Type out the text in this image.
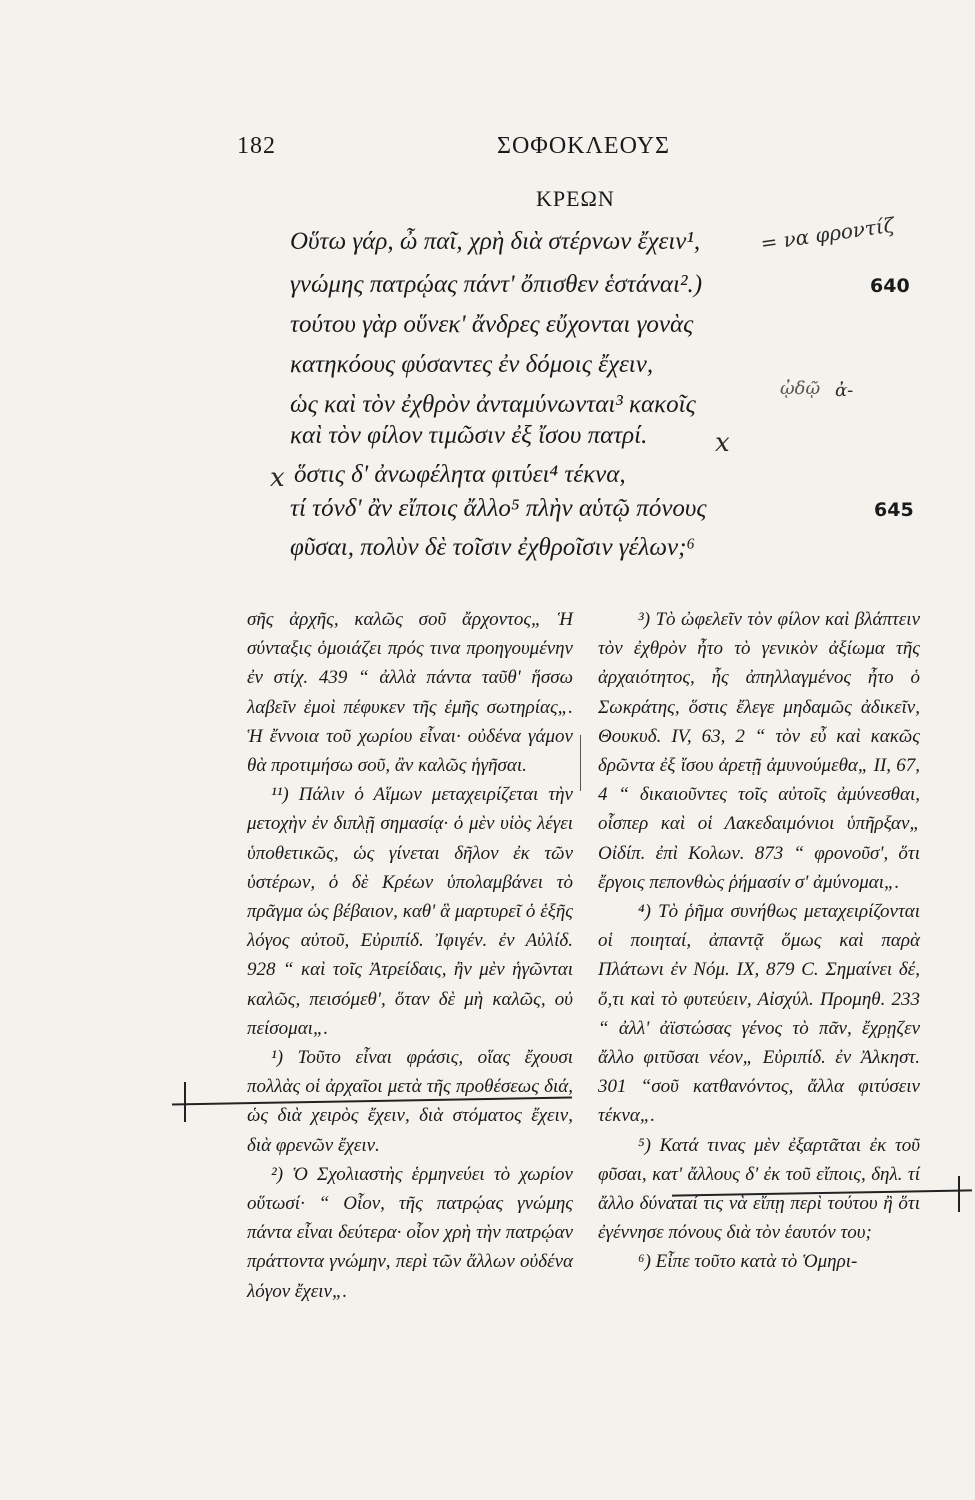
182	ΣΟΦΟΚΛΕΟΥΣ
ΚΡΕΩΝ
= να φροντίζ
ᾠδῷ ἀ-
x
x
Οὕτω γάρ, ὦ παῖ, χρὴ διὰ στέρνων ἔχειν¹,
γνώμης πατρῴας πάντ' ὄπισθεν ἑστάναι².)
τούτου γὰρ οὕνεκ' ἄνδρες εὔχονται γονὰς
κατηκόους φύσαντες ἐν δόμοις ἔχειν,
ὡς καὶ τὸν ἐχθρὸν ἀνταμύνωνται³ κακοῖς
καὶ τὸν φίλον τιμῶσιν ἐξ ἴσου πατρί.
ὅστις δ' ἀνωφέλητα φιτύει⁴ τέκνα,
τί τόνδ' ἂν εἴποις ἄλλο⁵ πλὴν αὑτῷ πόνους
φῦσαι, πολὺν δὲ τοῖσιν ἐχθροῖσιν γέλων;⁶
640
645

σῆς ἀρχῆς, καλῶς σοῦ ἄρχοντος„ Ἡ σύνταξις ὁμοιάζει πρός τινα προηγουμένην ἐν στίχ. 439 “ ἀλλὰ πάντα ταῦθ' ἥσσω λαβεῖν ἐμοὶ πέφυκεν τῆς ἐμῆς σωτηρίας„. Ἡ ἔννοια τοῦ χωρίου εἶναι· οὐδένα γάμον θὰ προτιμήσω σοῦ, ἂν καλῶς ἡγῆσαι.

¹¹) Πάλιν ὁ Αἵμων μεταχειρίζεται τὴν μετοχὴν ἐν διπλῇ σημασίᾳ· ὁ μὲν υἱὸς λέγει ὑποθετικῶς, ὡς γίνεται δῆλον ἐκ τῶν ὑστέρων, ὁ δὲ Κρέων ὑπολαμβάνει τὸ πρᾶγμα ὡς βέβαιον, καθ' ἃ μαρτυρεῖ ὁ ἑξῆς λόγος αὐτοῦ, Εὐριπίδ. Ἰφιγέν. ἐν Αὐλίδ. 928 “ καὶ τοῖς Ἀτρείδαις, ἢν μὲν ἡγῶνται καλῶς, πεισόμεθ', ὅταν δὲ μὴ καλῶς, οὐ πείσομαι„.

¹) Τοῦτο εἶναι φράσις, οἵας ἔχουσι πολλὰς οἱ ἀρχαῖοι μετὰ τῆς προθέσεως διά, ὡς διὰ χειρὸς ἔχειν, διὰ στόματος ἔχειν, διὰ φρενῶν ἔχειν.

²) Ὁ Σχολιαστὴς ἑρμηνεύει τὸ χωρίον οὕτωσί· “ Οἷον, τῆς πατρῴας γνώμης πάντα εἶναι δεύτερα· οἷον χρὴ τὴν πατρῴαν πράττοντα γνώμην, περὶ τῶν ἄλλων οὐδένα λόγον ἔχειν„.

³) Τὸ ὠφελεῖν τὸν φίλον καὶ βλάπτειν τὸν ἐχθρὸν ἦτο τὸ γενικὸν ἀξίωμα τῆς ἀρχαιότητος, ἧς ἀπηλλαγμένος ἦτο ὁ Σωκράτης, ὅστις ἔλεγε μηδαμῶς ἀδικεῖν, Θουκυδ. IV, 63, 2 “ τὸν εὖ καὶ κακῶς δρῶντα ἐξ ἴσου ἀρετῇ ἀμυνούμεθα„ II, 67, 4 “ δικαιοῦντες τοῖς αὐτοῖς ἀμύνεσθαι, οἷσπερ καὶ οἱ Λακεδαιμόνιοι ὑπῆρξαν„ Οἰδίπ. ἐπὶ Κολων. 873 “ φρονοῦσ', ὅτι ἔργοις πεπονθὼς ῥήμασίν σ' ἀμύνομαι„.

⁴) Τὸ ῥῆμα συνήθως μεταχειρίζονται οἱ ποιηταί, ἀπαντᾷ ὅμως καὶ παρὰ Πλάτωνι ἐν Νόμ. IX, 879 C. Σημαίνει δέ, ὅ,τι καὶ τὸ φυτεύειν, Αἰσχύλ. Προμηθ. 233 “ ἀλλ' ἀϊστώσας γένος τὸ πᾶν, ἔχρῃζεν ἄλλο φιτῦσαι νέον„ Εὐριπίδ. ἐν Ἀλκηστ. 301 “σοῦ κατθανόντος, ἄλλα φιτύσειν τέκνα„.

⁵) Κατά τινας μὲν ἐξαρτᾶται ἐκ τοῦ φῦσαι, κατ' ἄλλους δ' ἐκ τοῦ εἴποις, δηλ. τί ἄλλο δύναταί τις νὰ εἴπῃ περὶ τούτου ἢ ὅτι ἐγέννησε πόνους διὰ τὸν ἑαυτόν του;

⁶) Εἶπε τοῦτο κατὰ τὸ Ὁμηρι-
